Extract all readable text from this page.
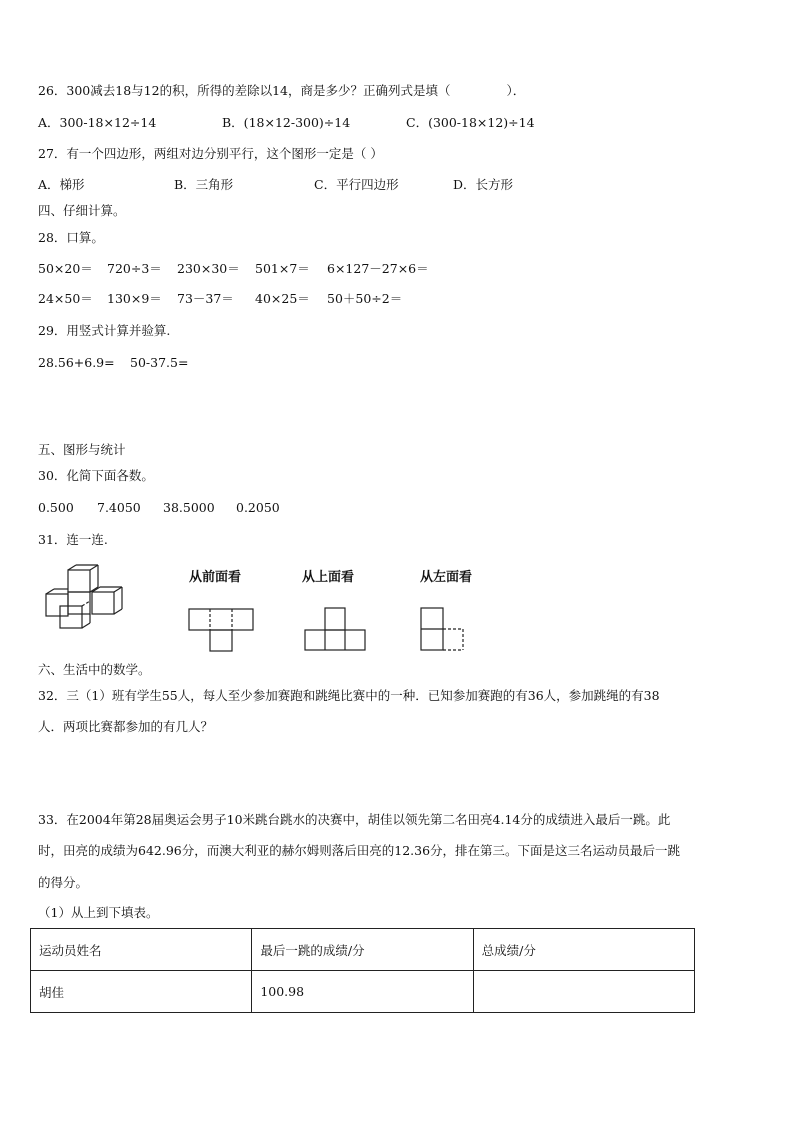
26．300减去18与12的积，所得的差除以14，商是多少？正确列式是填（	）．
A．300-18×12÷14	B．(18×12-300)÷14	C．(300-18×12)÷14
27．有一个四边形，两组对边分别平行，这个图形一定是（ ）
A．梯形	B．三角形	C．平行四边形	D．长方形
四、仔细计算。
28．口算。
50×20＝ 720÷3＝ 230×30＝ 501×7＝ 6×127－27×6＝
24×50＝ 130×9＝ 73－37＝ 40×25＝ 50＋50÷2＝
29．用竖式计算并验算.
28.56+6.9= 50-37.5=
五、图形与统计
30．化简下面各数。
0.500 7.4050 38.5000 0.2050
31．连一连.
从前面看	从上面看	从左面看
六、生活中的数学。
32．三（1）班有学生55人，每人至少参加赛跑和跳绳比赛中的一种．已知参加赛跑的有36人，参加跳绳的有38
人．两项比赛都参加的有几人？
33．在2004年第28届奥运会男子10米跳台跳水的决赛中，胡佳以领先第二名田亮4.14分的成绩进入最后一跳。此
时，田亮的成绩为642.96分，而澳大利亚的赫尔姆则落后田亮的12.36分，排在第三。下面是这三名运动员最后一跳
的得分。
（1）从上到下填表。
运动员姓名	最后一跳的成绩/分	总成绩/分
胡佳	100.98	
